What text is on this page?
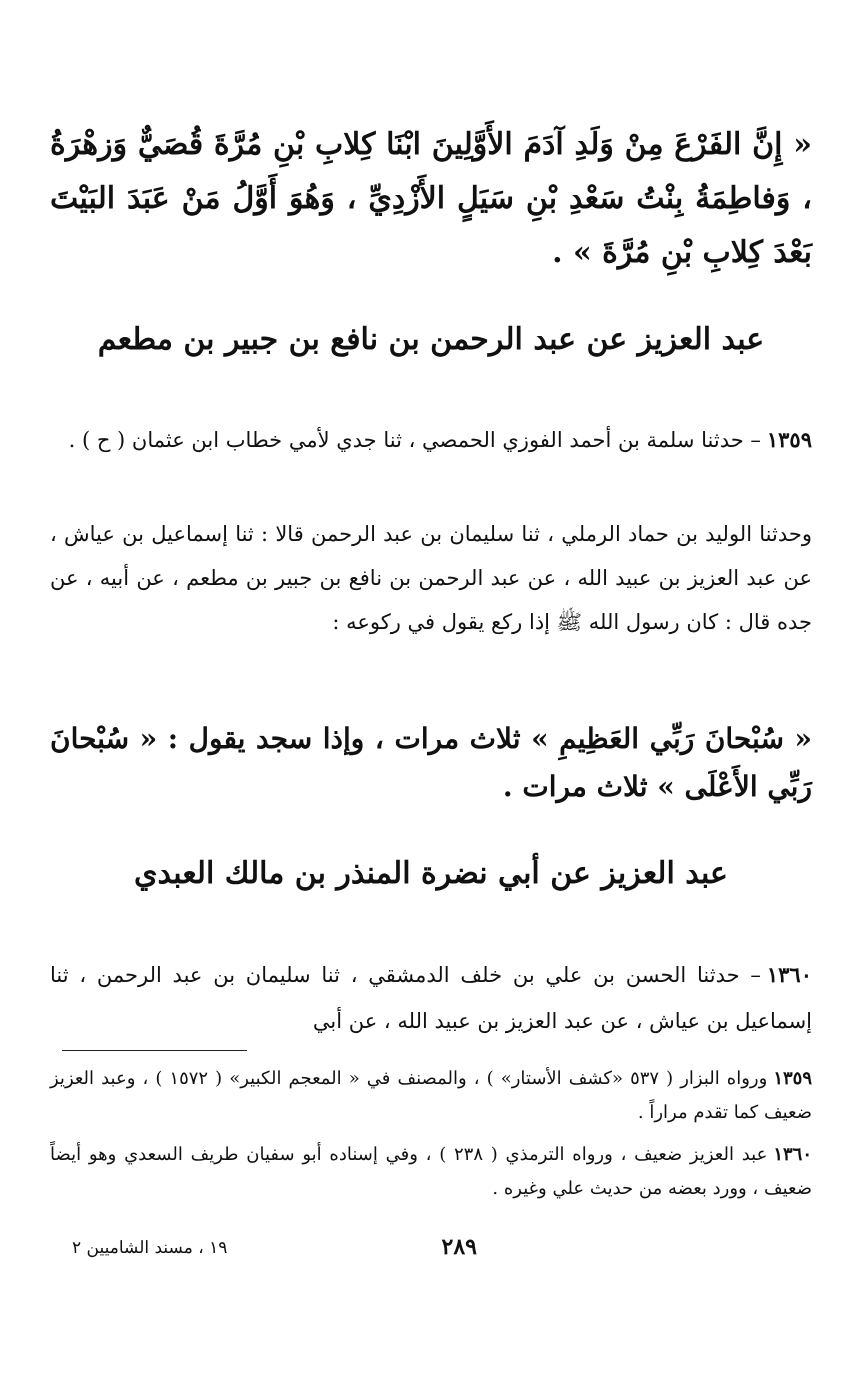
« إِنَّ الفَرْعَ مِنْ وَلَدِ آدَمَ الأَوَّلِينَ ابْنَا كِلابِ بْنِ مُرَّةَ قُصَيٌّ وَزهْرَةُ ، وَفاطِمَةُ بِنْتُ سَعْدِ بْنِ سَيَلٍ الأَزْدِيِّ ، وَهُوَ أَوَّلُ مَنْ عَبَدَ البَيْتَ بَعْدَ كِلابِ بْنِ مُرَّةَ » .
عبد العزيز عن عبد الرحمن بن نافع بن جبير بن مطعم
١٣٥٩– حدثنا سلمة بن أحمد الفوزي الحمصي ، ثنا جدي لأمي خطاب ابن عثمان ( ح ) .
وحدثنا الوليد بن حماد الرملي ، ثنا سليمان بن عبد الرحمن قالا : ثنا إسماعيل بن عياش ، عن عبد العزيز بن عبيد الله ، عن عبد الرحمن بن نافع بن جبير بن مطعم ، عن أبيه ، عن جده قال : كان رسول الله ﷺ إذا ركع يقول في ركوعه :
« سُبْحانَ رَبِّي العَظِيمِ » ثلاث مرات ، وإذا سجد يقول : « سُبْحانَ رَبِّي الأَعْلَى » ثلاث مرات .
عبد العزيز عن أبي نضرة المنذر بن مالك العبدي
١٣٦٠– حدثنا الحسن بن علي بن خلف الدمشقي ، ثنا سليمان بن عبد الرحمن ، ثنا إسماعيل بن عياش ، عن عبد العزيز بن عبيد الله ، عن أبي
١٣٥٩ورواه البزار ( ٥٣٧ «كشف الأستار» ) ، والمصنف في « المعجم الكبير» ( ١٥٧٢ ) ، وعبد العزيز ضعيف كما تقدم مراراً .
١٣٦٠عبد العزيز ضعيف ، ورواه الترمذي ( ٢٣٨ ) ، وفي إسناده أبو سفيان طريف السعدي وهو أيضاً ضعيف ، وورد بعضه من حديث علي وغيره .
٢٨٩
١٩ ، مسند الشاميين ٢
